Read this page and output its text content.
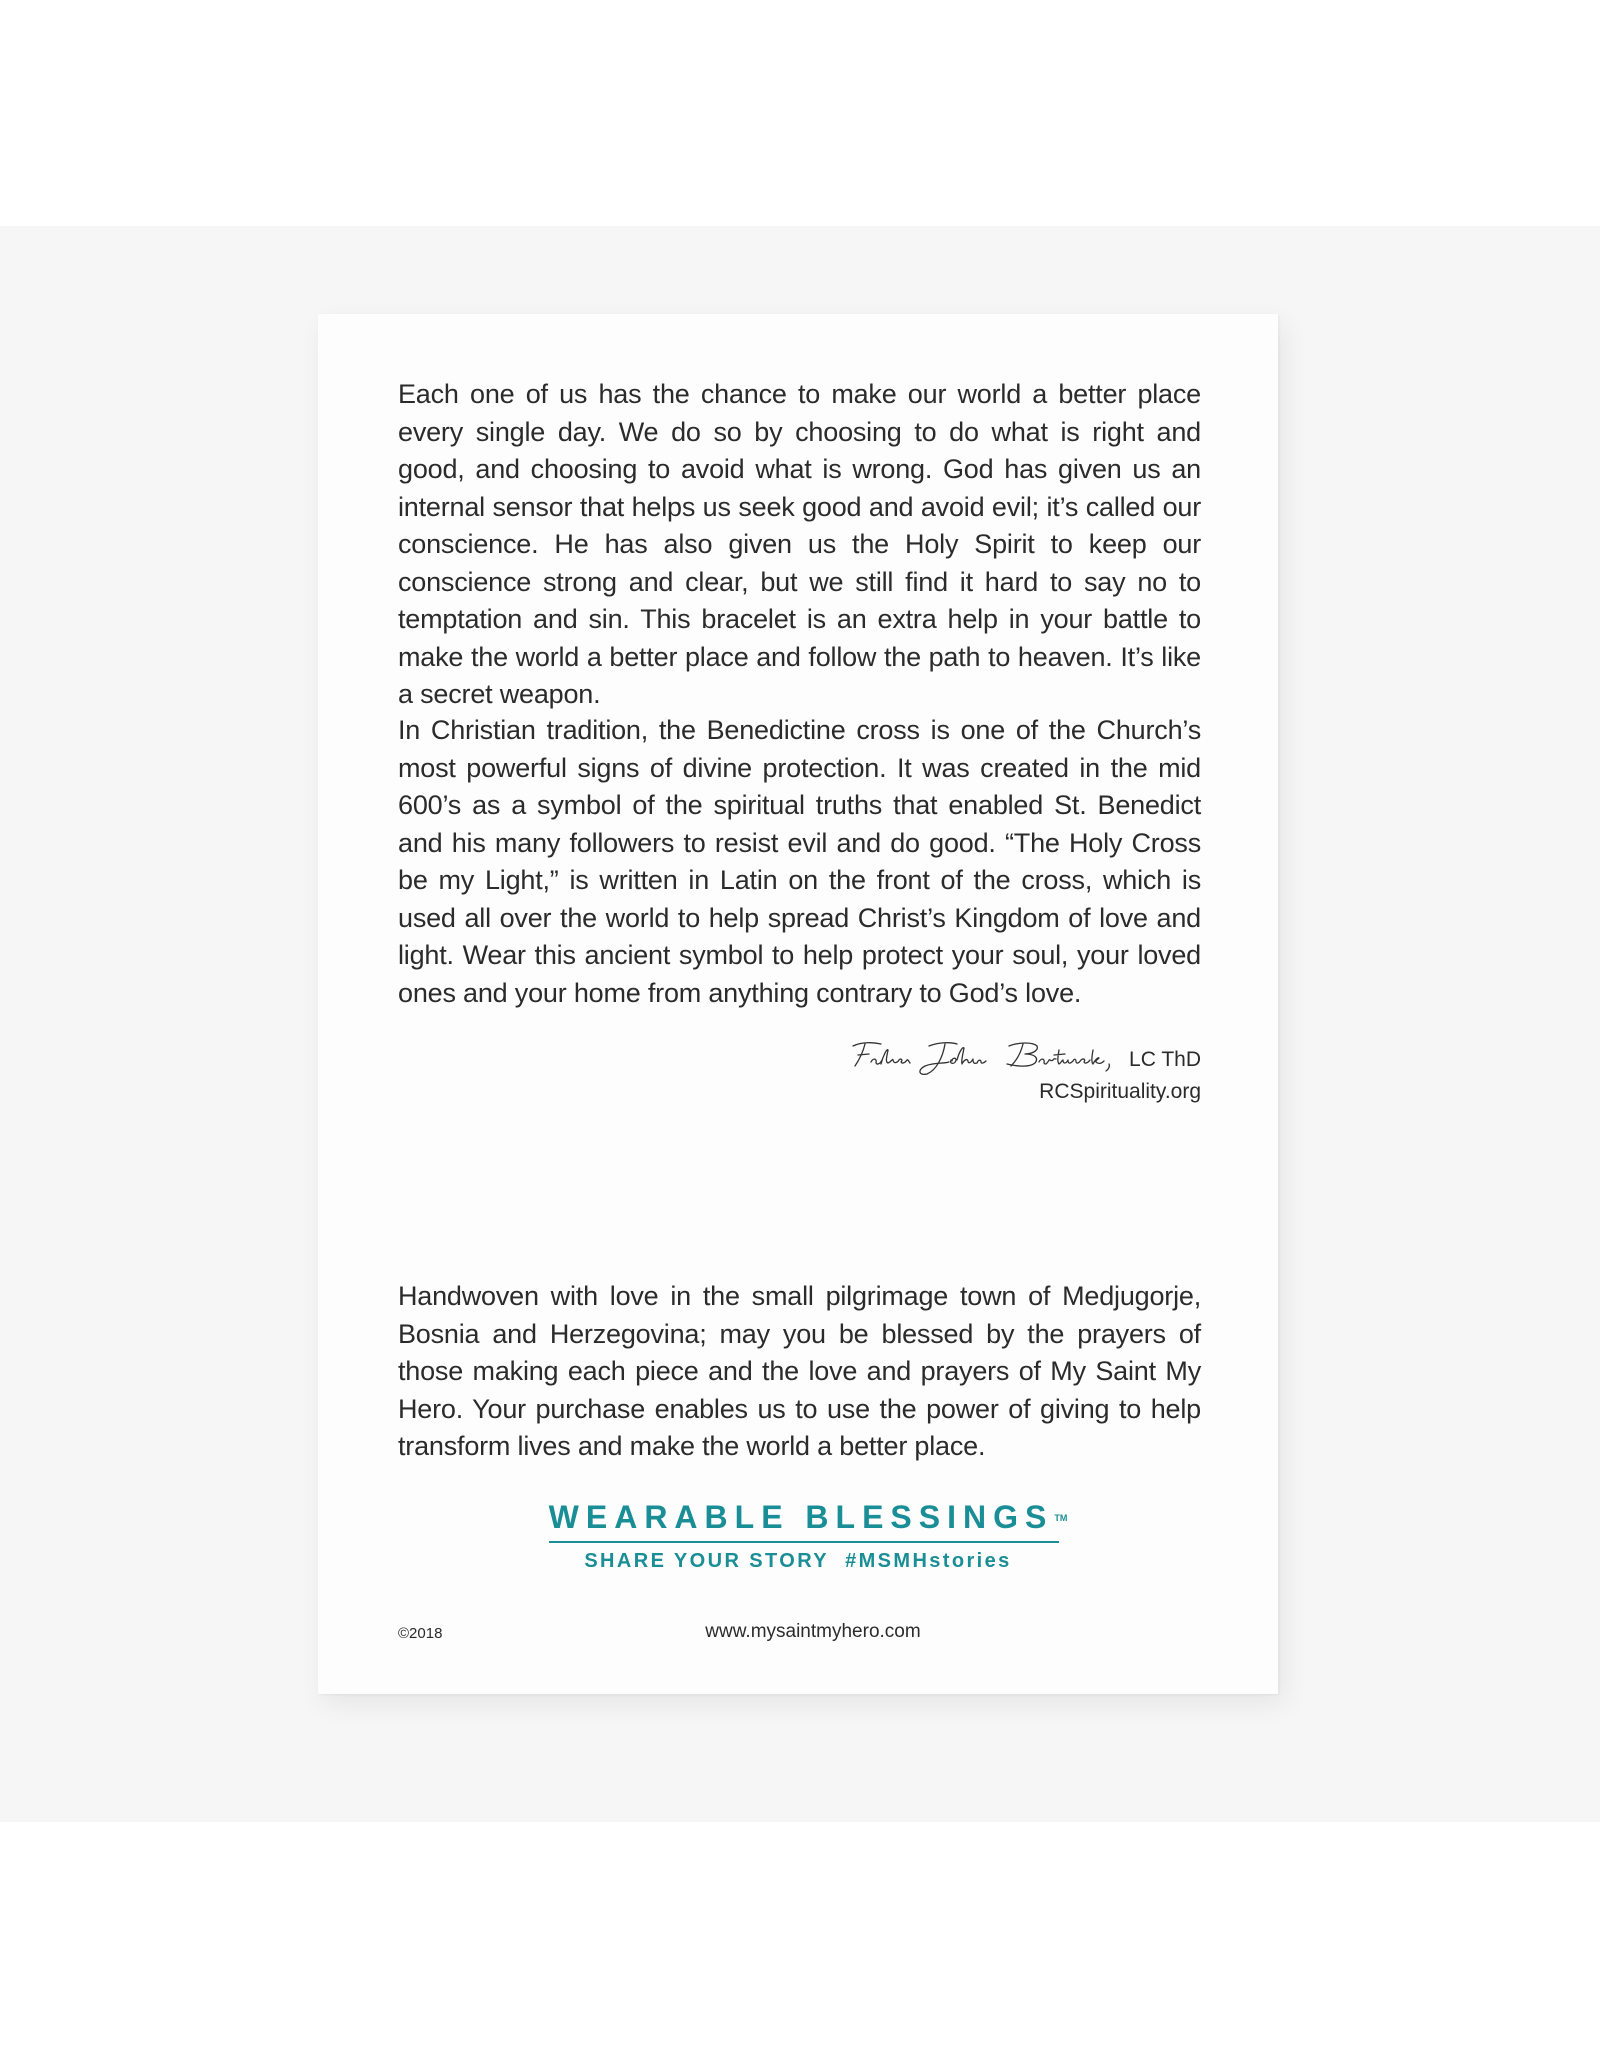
Each one of us has the chance to make our world a better place every single day. We do so by choosing to do what is right and good, and choosing to avoid what is wrong. God has given us an internal sensor that helps us seek good and avoid evil; it’s called our conscience. He has also given us the Holy Spirit to keep our conscience strong and clear, but we still find it hard to say no to temptation and sin. This bracelet is an extra help in your battle to make the world a better place and follow the path to heaven. It’s like a secret weapon.

In Christian tradition, the Benedictine cross is one of the Church’s most powerful signs of divine protection. It was created in the mid 600’s as a symbol of the spiritual truths that enabled St. Benedict and his many followers to resist evil and do good. “The Holy Cross be my Light,” is written in Latin on the front of the cross, which is used all over the world to help spread Christ’s Kingdom of love and light. Wear this ancient symbol to help protect your soul, your loved ones and your home from anything contrary to God’s love.

LC ThD
RCSpirituality.org

Handwoven with love in the small pilgrimage town of Medjugorje, Bosnia and Herzegovina; may you be blessed by the prayers of those making each piece and the love and prayers of My Saint My Hero. Your purchase enables us to use the power of giving to help transform lives and make the world a better place.

WEARABLE BLESSINGS TM
SHARE YOUR STORY #MSMHstories
©2018	www.mysaintmyhero.com
